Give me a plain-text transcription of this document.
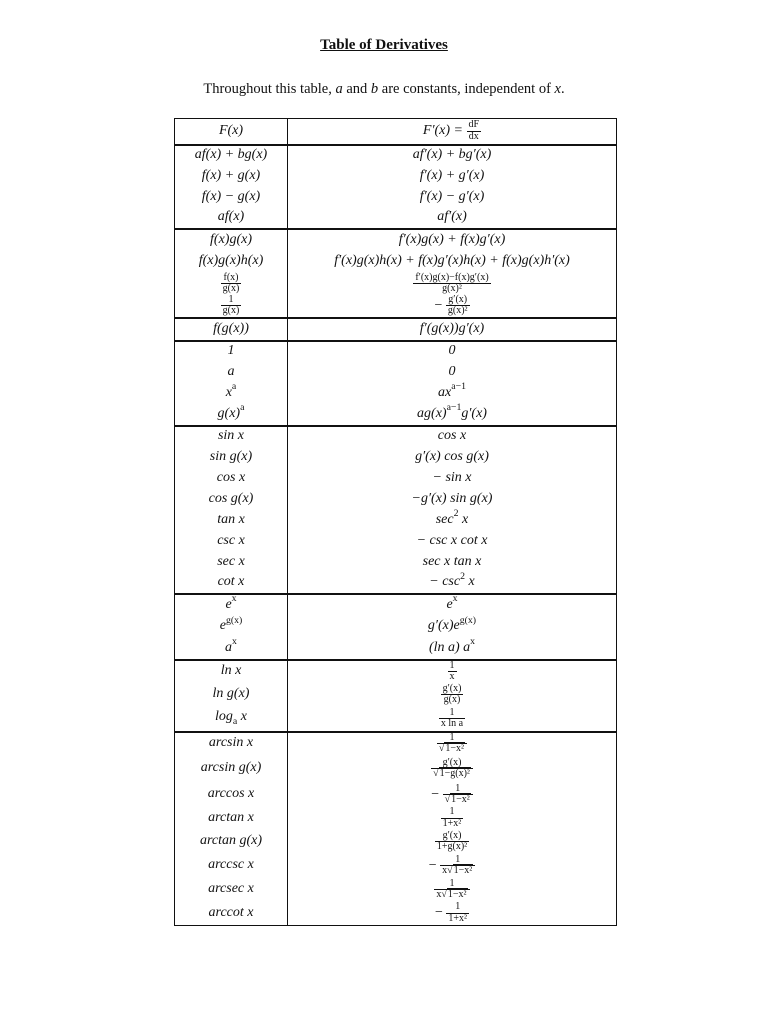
Table of Derivatives
Throughout this table, a and b are constants, independent of x.
F(x)	$F'(x) = \frac{dF}{dx}$

af(x) + bg(x)	af′(x) + bg′(x)
f(x) + g(x)	f′(x) + g′(x)
f(x) − g(x)	f′(x) − g′(x)
af(x)	af′(x)
f(x)g(x)	f′(x)g(x) + f(x)g′(x)
f(x)g(x)h(x)	f′(x)g(x)h(x) + f(x)g′(x)h(x) + f(x)g(x)h′(x)

$\frac{f(x)}{g(x)}$	$\frac{f'(x)g(x)-f(x)g'(x)}{\text{g(x)²}}$

$\frac{1}{g(x)}$	− $\frac{g'(x)}{\text{g(x)²}}$

f(g(x))	f′(g(x))g′(x)
1	0
a	0
$x^a$	$ax^{a-1}$
$g(x)^a$	$ag(x)^{a-1}g'(x)$
sin x	cos x
sin g(x)	g′(x) cos g(x)
cos x	− sin x
cos g(x)	−g′(x) sin g(x)
tan x	$\sec^2 x$
csc x	− csc x cot x
sec x	sec x tan x
cot x	− $\csc^2 x$
$e^x$	$e^x$
$e^{g(x)}$	$g'(x)e^{g(x)}$
$a^x$	(ln a) $a^x$
ln x	$\frac{1}{x}$

ln g(x)	$\frac{g'(x)}{g(x)}$

$\log_a x$	$\frac{1}{\text{x ln a}}$

arcsin x	$\frac{1}{\text{√1−x²}}$

arcsin g(x)	$\frac{g'(x)}{\text{√1−g(x)²}}$

arccos x	− $\frac{1}{\text{√1−x²}}$

arctan x	$\frac{1}{\text{1+x²}}$

arctan g(x)	$\frac{g'(x)}{\text{1+g(x)²}}$

arccsc x	− $\frac{1}{\text{x√1−x²}}$

arcsec x	$\frac{1}{\text{x√1−x²}}$

arccot x	− $\frac{1}{\text{1+x²}}$
